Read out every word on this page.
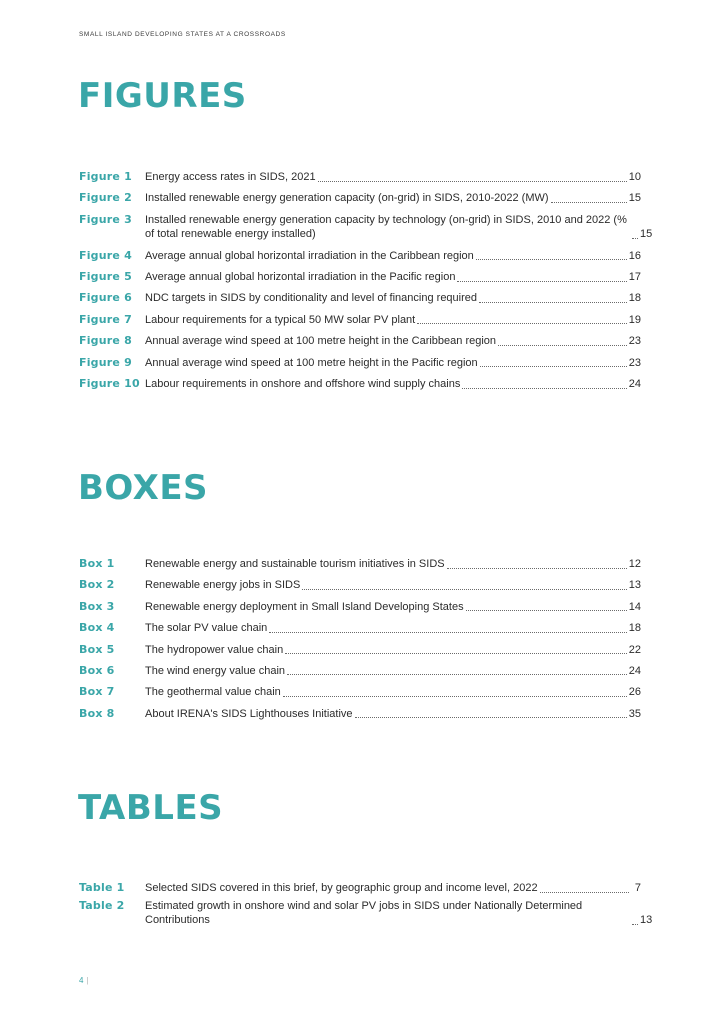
SMALL ISLAND DEVELOPING STATES AT A CROSSROADS
FIGURES
Figure 1	Energy access rates in SIDS, 2021	10
Figure 2	Installed renewable energy generation capacity (on-grid) in SIDS, 2010-2022 (MW)	15
Figure 3	Installed renewable energy generation capacity by technology (on-grid) in SIDS, 2010 and 2022 (% of total renewable energy installed)	15
Figure 4	Average annual global horizontal irradiation in the Caribbean region	16
Figure 5	Average annual global horizontal irradiation in the Pacific region	17
Figure 6	NDC targets in SIDS by conditionality and level of financing required	18
Figure 7	Labour requirements for a typical 50 MW solar PV plant	19
Figure 8	Annual average wind speed at 100 metre height in the Caribbean region	23
Figure 9	Annual average wind speed at 100 metre height in the Pacific region	23
Figure 10 Labour requirements in onshore and offshore wind supply chains	24
BOXES
Box 1	Renewable energy and sustainable tourism initiatives in SIDS	12
Box 2	Renewable energy jobs in SIDS	13
Box 3	Renewable energy deployment in Small Island Developing States	14
Box 4	The solar PV value chain	18
Box 5	The hydropower value chain	22
Box 6	The wind energy value chain	24
Box 7	The geothermal value chain	26
Box 8	About IRENA's SIDS Lighthouses Initiative	35
TABLES
Table 1	Selected SIDS covered in this brief, by geographic group and income level, 2022	7
Table 2	Estimated growth in onshore wind and solar PV jobs in SIDS under Nationally Determined Contributions	13
4 |
